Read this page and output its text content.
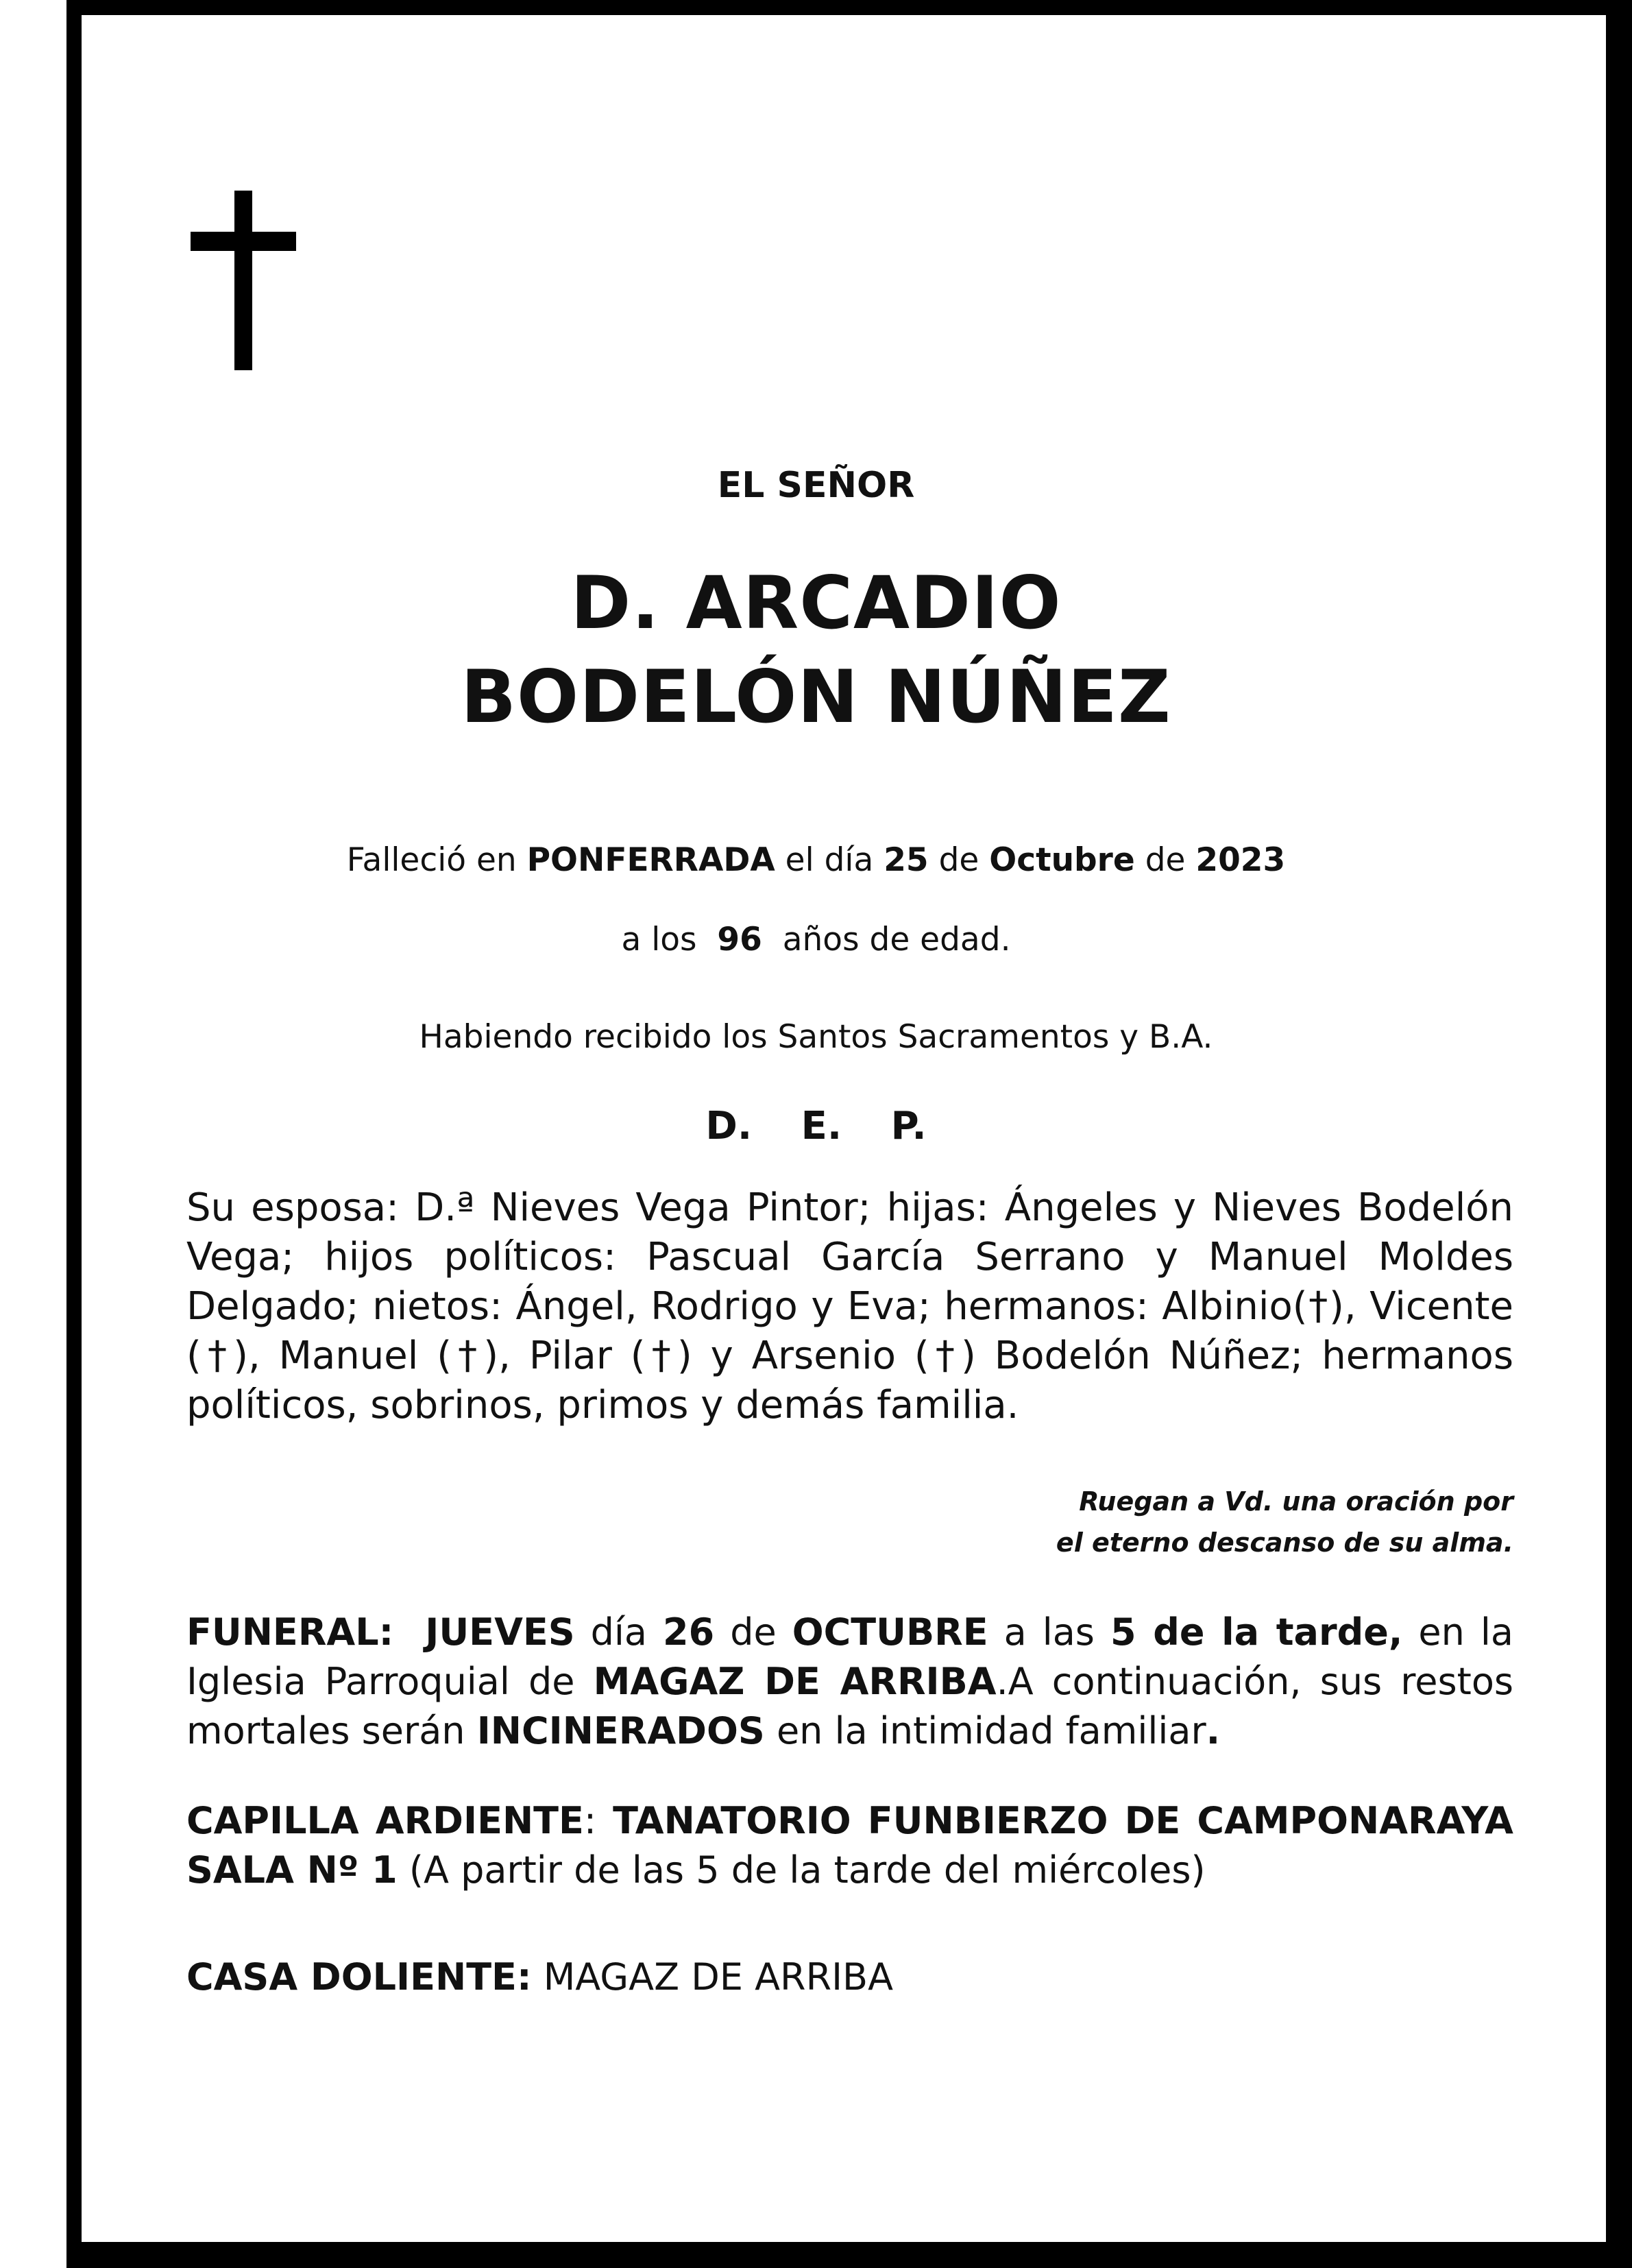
EL SEÑOR
D. ARCADIO
BODELÓN NÚÑEZ
Falleció en PONFERRADA el día 25 de Octubre de 2023
a los 96 años de edad.
Habiendo recibido los Santos Sacramentos y B.A.
D. E. P.
Su esposa: D.ª Nieves Vega Pintor; hijas: Ángeles y Nieves Bodelón Vega; hijos políticos: Pascual García Serrano y Manuel Moldes Delgado; nietos: Ángel, Rodrigo y Eva; hermanos: Albinio(†), Vicente (†), Manuel (†), Pilar (†) y Arsenio (†) Bodelón Núñez; hermanos políticos, sobrinos, primos y demás familia.
Ruegan a Vd. una oración por
el eterno descanso de su alma.
FUNERAL: JUEVES día 26 de OCTUBRE a las 5 de la tarde, en la Iglesia Parroquial de MAGAZ DE ARRIBA.A continuación, sus restos mortales serán INCINERADOS en la intimidad familiar.
CAPILLA ARDIENTE: TANATORIO FUNBIERZO DE CAMPONARAYA
SALA Nº 1 (A partir de las 5 de la tarde del miércoles)
CASA DOLIENTE: MAGAZ DE ARRIBA
